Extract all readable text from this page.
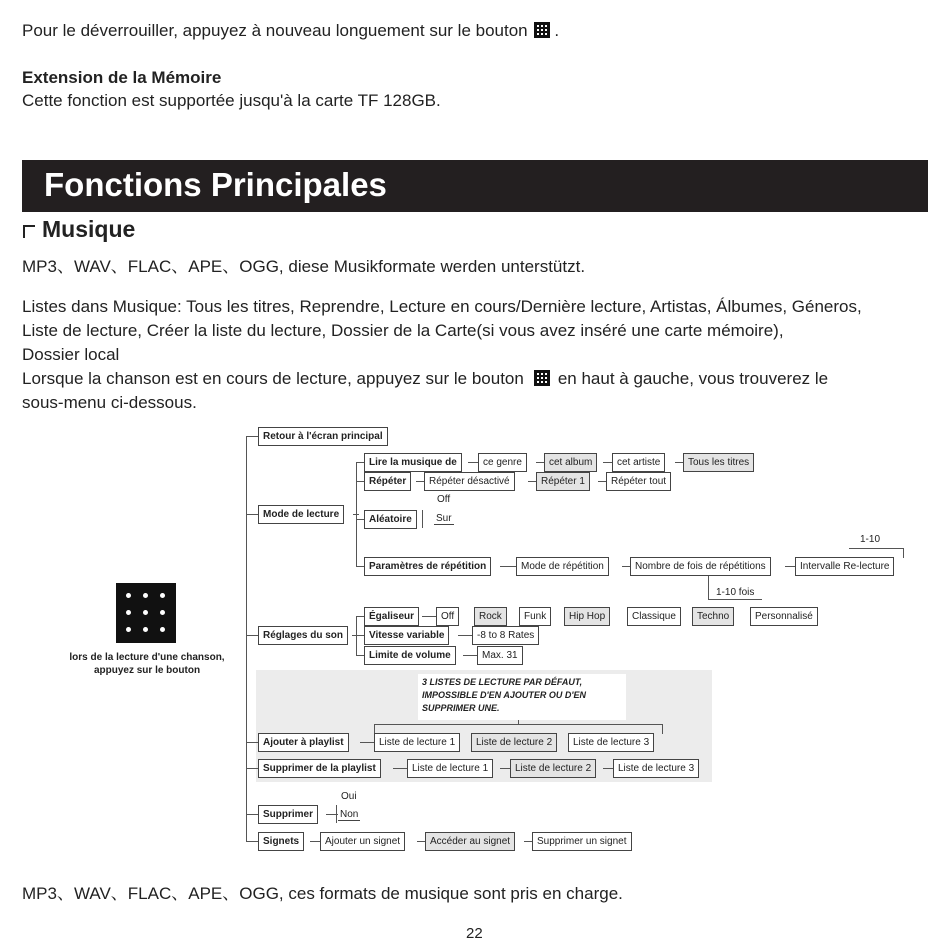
Pour le déverrouiller, appuyez à nouveau longuement sur le bouton .
Extension de la Mémoire
Cette fonction est supportée jusqu'à la carte TF 128GB.
Fonctions Principales
Musique
MP3、WAV、FLAC、APE、OGG, diese Musikformate werden unterstützt.
Listes dans Musique: Tous les titres, Reprendre, Lecture en cours/Dernière lecture, Artistas, Álbumes, Géneros,
Liste de lecture, Créer la liste du lecture, Dossier de la Carte(si vous avez inséré une carte mémoire),
Dossier local
Lorsque la chanson est en cours de lecture, appuyez sur le bouton en haut à gauche, vous trouverez le
sous-menu ci-dessous.
lors de la lecture d'une chanson,
appuyez sur le bouton
Retour à l'écran principal
Mode de lecture
Lire la musique de	ce genre	cet album	cet artiste	Tous les titres
Répéter	Répéter désactivé	Répéter 1	Répéter tout
Off
Aléatoire	Sur
1-10
Paramètres de répétition	Mode de répétition	Nombre de fois de répétitions	Intervalle Re-lecture
1-10 fois
Réglages du son
Égaliseur	Off	Rock	Funk	Hip Hop	Classique	Techno	Personnalisé
Vitesse variable	-8 to 8 Rates
Limite de volume	Max. 31
3 LISTES DE LECTURE PAR DÉFAUT,
IMPOSSIBLE D'EN AJOUTER OU D'EN
SUPPRIMER UNE.
Ajouter à playlist	Liste de lecture 1	Liste de lecture 2	Liste de lecture 3
Supprimer de la playlist	Liste de lecture 1	Liste de lecture 2	Liste de lecture 3
Oui
Supprimer	Non
Signets	Ajouter un signet	Accéder au signet	Supprimer un signet
MP3、WAV、FLAC、APE、OGG, ces formats de musique sont pris en charge.
22
